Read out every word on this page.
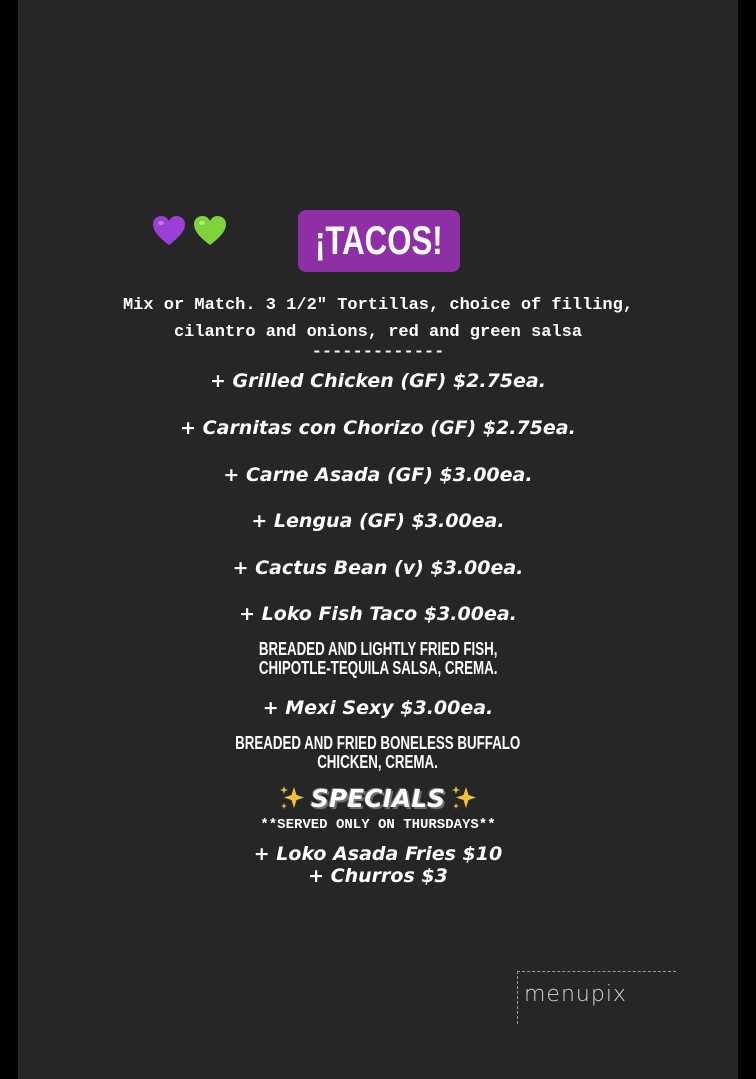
¡TACOS!
Mix or Match. 3 1/2" Tortillas, choice of filling,
cilantro and onions, red and green salsa
-------------
+ Grilled Chicken (GF) $2.75ea.
+ Carnitas con Chorizo (GF) $2.75ea.
+ Carne Asada (GF) $3.00ea.
+ Lengua (GF) $3.00ea.
+ Cactus Bean (v) $3.00ea.
+ Loko Fish Taco $3.00ea.
BREADED AND LIGHTLY FRIED FISH,
CHIPOTLE-TEQUILA SALSA, CREMA.
+ Mexi Sexy $3.00ea.
BREADED AND FRIED BONELESS BUFFALO
CHICKEN, CREMA.
SPECIALS
**SERVED ONLY ON THURSDAYS**
+ Loko Asada Fries $10
+ Churros $3
menupix
